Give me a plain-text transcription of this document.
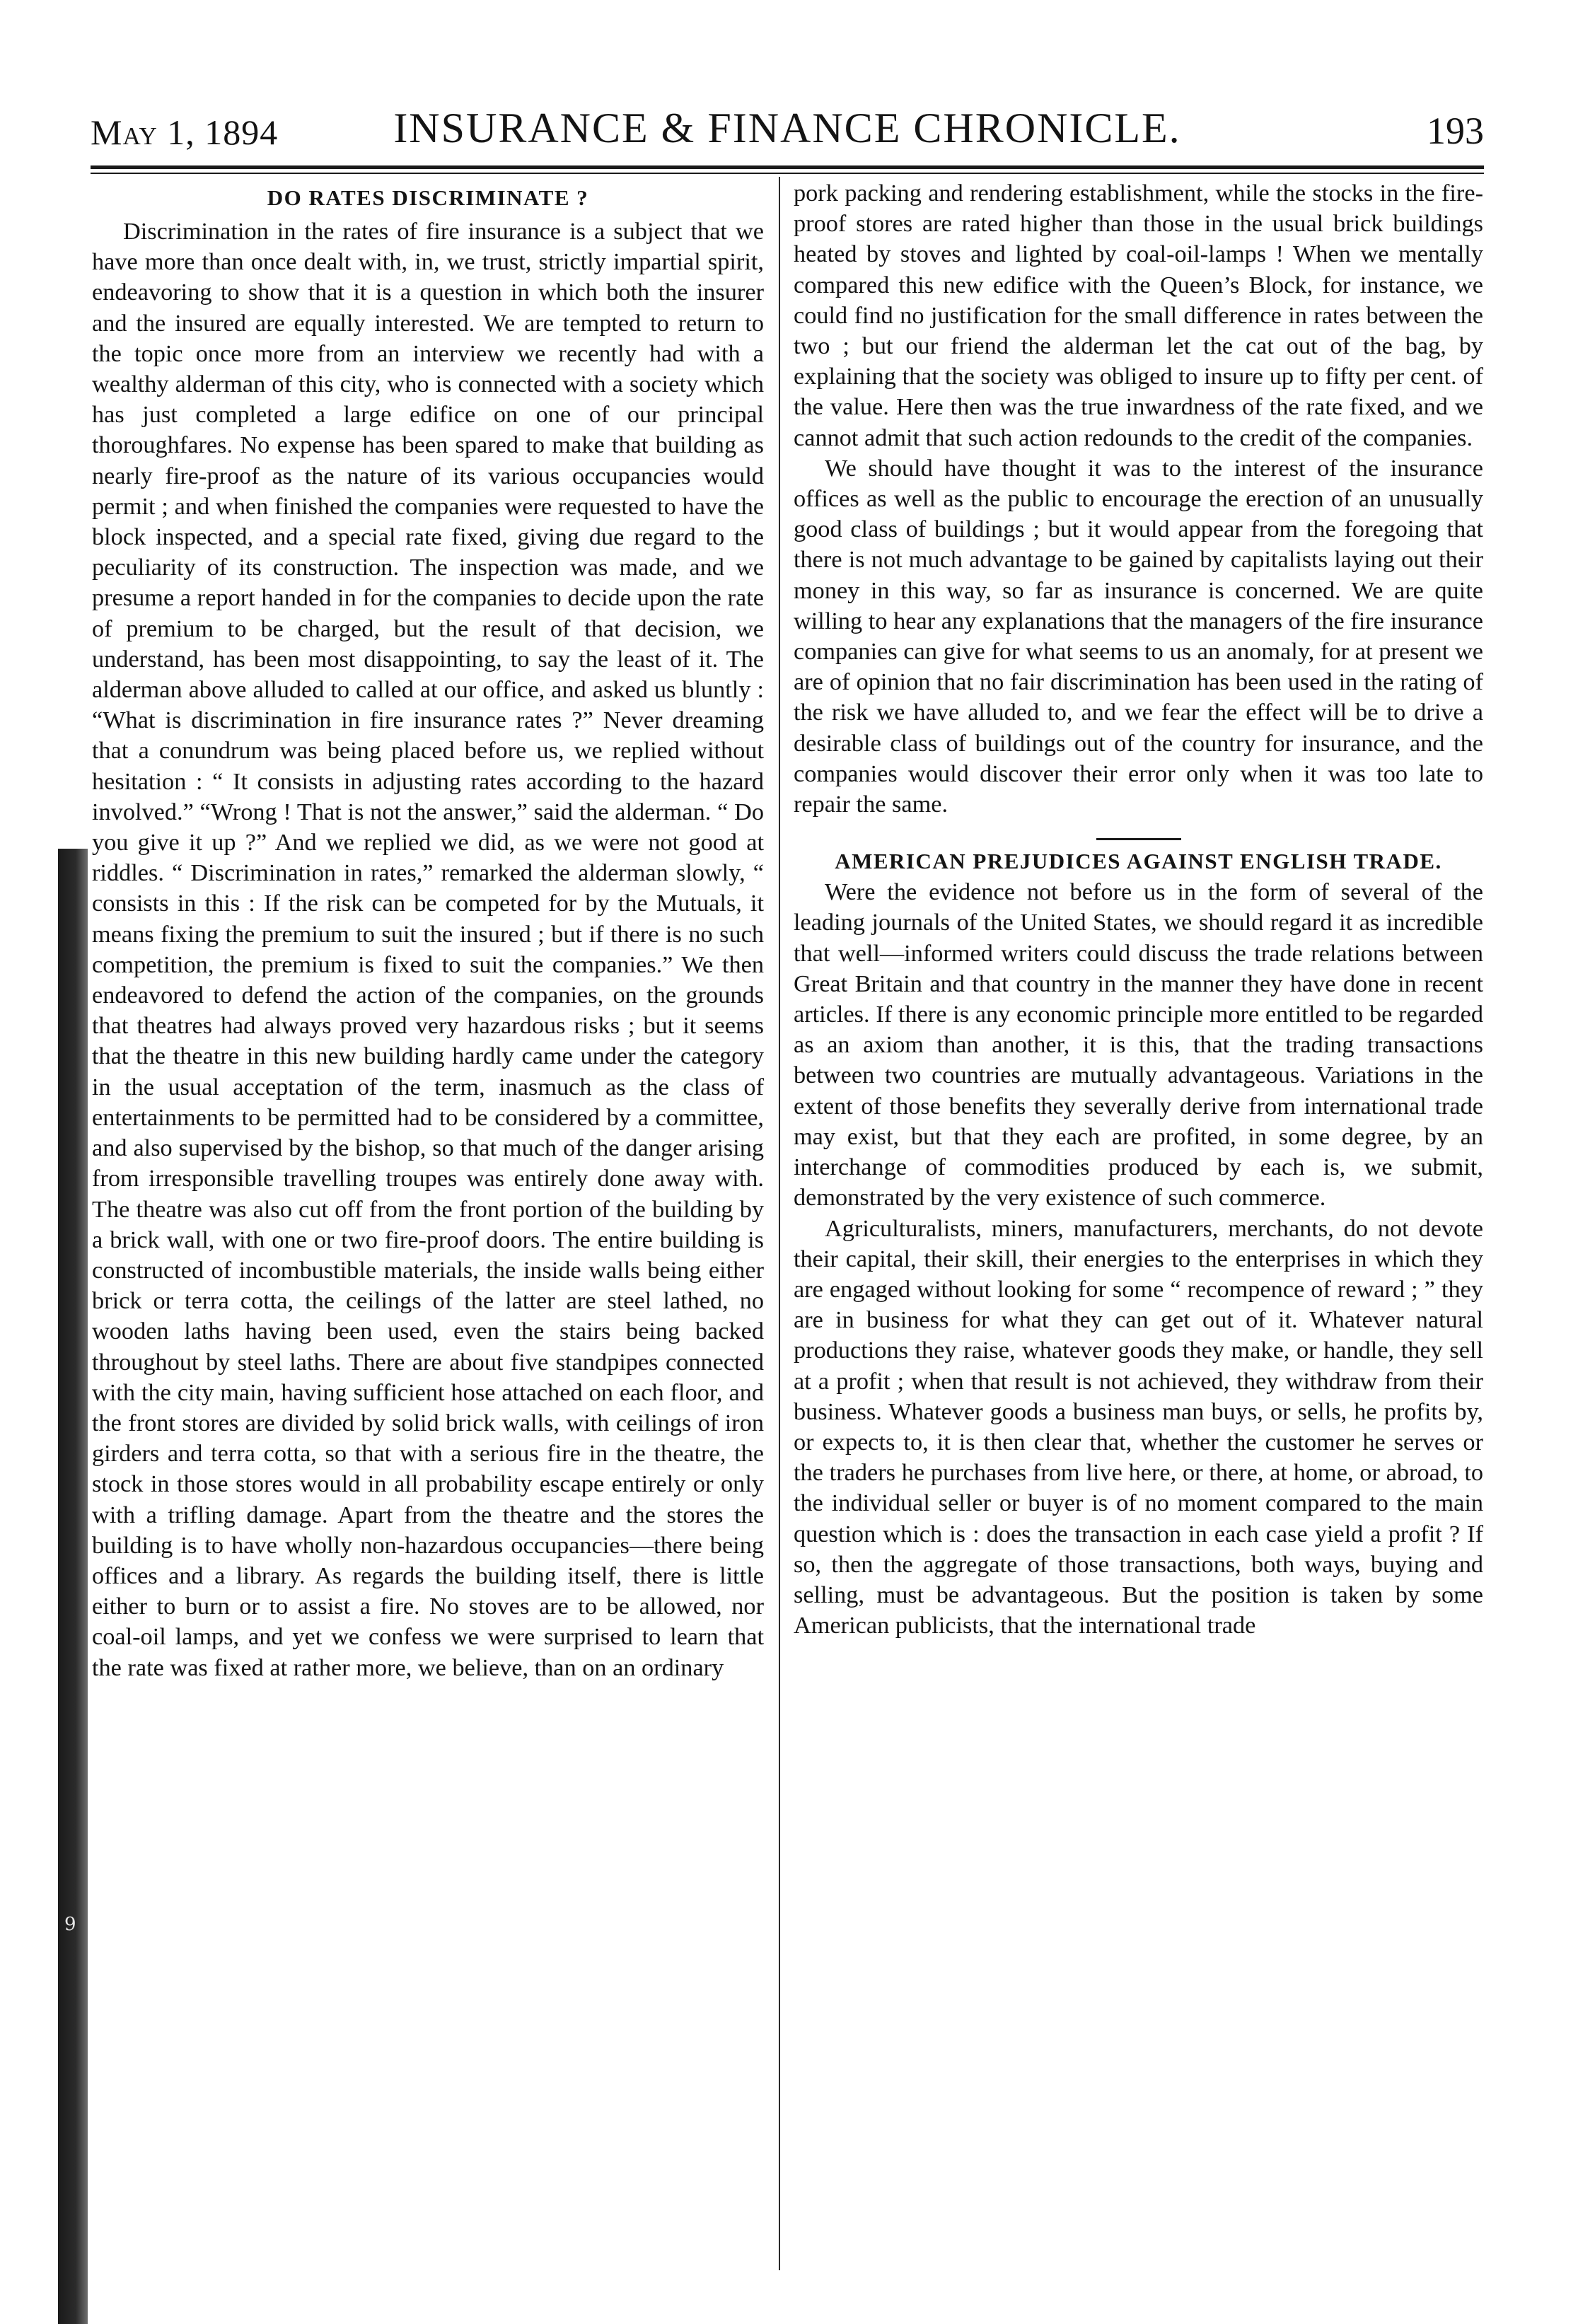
9
May 1, 1894	INSURANCE & FINANCE CHRONICLE.	193
DO RATES DISCRIMINATE ?

Discrimination in the rates of fire insurance is a subject that we have more than once dealt with, in, we trust, strictly impartial spirit, endeavoring to show that it is a question in which both the insurer and the insured are equally interested. We are tempted to return to the topic once more from an interview we recently had with a wealthy alderman of this city, who is connected with a society which has just completed a large edifice on one of our principal thoroughfares. No expense has been spared to make that building as nearly fire-proof as the nature of its various occupancies would permit ; and when finished the companies were requested to have the block inspected, and a special rate fixed, giving due regard to the peculiarity of its construction. The inspection was made, and we presume a report handed in for the companies to decide upon the rate of premium to be charged, but the result of that decision, we understand, has been most disappointing, to say the least of it. The alderman above alluded to called at our office, and asked us bluntly : “What is discrimination in fire insurance rates ?” Never dreaming that a conundrum was being placed before us, we replied without hesitation : “ It consists in adjusting rates according to the hazard involved.” “Wrong ! That is not the answer,” said the alderman. “ Do you give it up ?” And we replied we did, as we were not good at riddles. “ Discrimination in rates,” remarked the alderman slowly, “ consists in this : If the risk can be competed for by the Mutuals, it means fixing the premium to suit the insured ; but if there is no such competition, the premium is fixed to suit the companies.” We then endeavored to defend the action of the companies, on the grounds that theatres had always proved very hazardous risks ; but it seems that the theatre in this new building hardly came under the category in the usual acceptation of the term, inasmuch as the class of entertainments to be permitted had to be considered by a committee, and also supervised by the bishop, so that much of the danger arising from irresponsible travelling troupes was entirely done away with. The theatre was also cut off from the front portion of the building by a brick wall, with one or two fire-proof doors. The entire building is constructed of incombustible materials, the inside walls being either brick or terra cotta, the ceilings of the latter are steel lathed, no wooden laths having been used, even the stairs being backed throughout by steel laths. There are about five standpipes connected with the city main, having sufficient hose attached on each floor, and the front stores are divided by solid brick walls, with ceilings of iron girders and terra cotta, so that with a serious fire in the theatre, the stock in those stores would in all probability escape entirely or only with a trifling damage. Apart from the theatre and the stores the building is to have wholly non-hazardous occupancies—there being offices and a library. As regards the building itself, there is little either to burn or to assist a fire. No stoves are to be allowed, nor coal-oil lamps, and yet we confess we were surprised to learn that the rate was fixed at rather more, we believe, than on an ordinary

pork packing and rendering establishment, while the stocks in the fire-proof stores are rated higher than those in the usual brick buildings heated by stoves and lighted by coal-oil-lamps ! When we mentally compared this new edifice with the Queen’s Block, for instance, we could find no justification for the small difference in rates between the two ; but our friend the alderman let the cat out of the bag, by explaining that the society was obliged to insure up to fifty per cent. of the value. Here then was the true inwardness of the rate fixed, and we cannot admit that such action redounds to the credit of the companies.

We should have thought it was to the interest of the insurance offices as well as the public to encourage the erection of an unusually good class of buildings ; but it would appear from the foregoing that there is not much advantage to be gained by capitalists laying out their money in this way, so far as insurance is concerned. We are quite willing to hear any explanations that the managers of the fire insurance companies can give for what seems to us an anomaly, for at present we are of opinion that no fair discrimination has been used in the rating of the risk we have alluded to, and we fear the effect will be to drive a desirable class of buildings out of the country for insurance, and the companies would discover their error only when it was too late to repair the same.

AMERICAN PREJUDICES AGAINST ENGLISH TRADE.

Were the evidence not before us in the form of several of the leading journals of the United States, we should regard it as incredible that well—informed writers could discuss the trade relations between Great Britain and that country in the manner they have done in recent articles. If there is any economic principle more entitled to be regarded as an axiom than another, it is this, that the trading transactions between two countries are mutually advantageous. Variations in the extent of those benefits they severally derive from international trade may exist, but that they each are profited, in some degree, by an interchange of commodities produced by each is, we submit, demonstrated by the very existence of such commerce.

Agriculturalists, miners, manufacturers, merchants, do not devote their capital, their skill, their energies to the enterprises in which they are engaged without looking for some “ recompence of reward ; ” they are in business for what they can get out of it. Whatever natural productions they raise, whatever goods they make, or handle, they sell at a profit ; when that result is not achieved, they withdraw from their business. Whatever goods a business man buys, or sells, he profits by, or expects to, it is then clear that, whether the customer he serves or the traders he purchases from live here, or there, at home, or abroad, to the individual seller or buyer is of no moment compared to the main question which is : does the transaction in each case yield a profit ? If so, then the aggregate of those transactions, both ways, buying and selling, must be advantageous. But the position is taken by some American publicists, that the international trade
